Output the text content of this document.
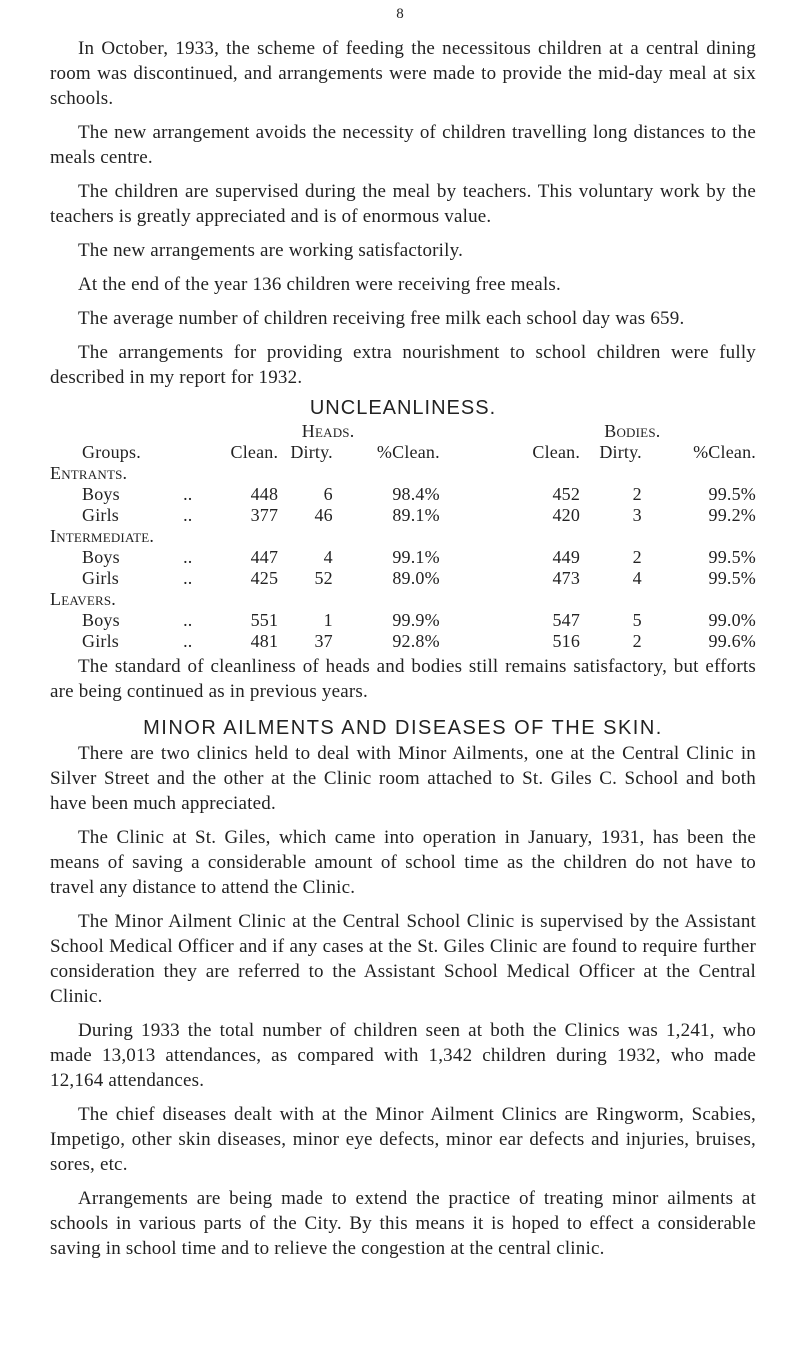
8

In October, 1933, the scheme of feeding the necessitous children at a central dining room was discontinued, and arrangements were made to provide the mid-day meal at six schools.

The new arrangement avoids the necessity of children travelling long distances to the meals centre.

The children are supervised during the meal by teachers. This voluntary work by the teachers is greatly appreciated and is of enormous value.

The new arrangements are working satisfactorily.

At the end of the year 136 children were receiving free meals.

The average number of children receiving free milk each school day was 659.

The arrangements for providing extra nourishment to school children were fully described in my report for 1932.

UNCLEANLINESS.
		Heads.				Bodies.		
Groups.		Clean.	Dirty.	%Clean.		Clean.	Dirty.	%Clean.
Entrants.								
Boys	..	448	6	98.4%		452	2	99.5%
Girls	..	377	46	89.1%		420	3	99.2%
Intermediate.								
Boys	..	447	4	99.1%		449	2	99.5%
Girls	..	425	52	89.0%		473	4	99.5%
Leavers.								
Boys	..	551	1	99.9%		547	5	99.0%
Girls	..	481	37	92.8%		516	2	99.6%

The standard of cleanliness of heads and bodies still remains satisfactory, but efforts are being continued as in previous years.

MINOR AILMENTS AND DISEASES OF THE SKIN.

There are two clinics held to deal with Minor Ailments, one at the Central Clinic in Silver Street and the other at the Clinic room attached to St. Giles C. School and both have been much appreciated.

The Clinic at St. Giles, which came into operation in January, 1931, has been the means of saving a considerable amount of school time as the children do not have to travel any distance to attend the Clinic.

The Minor Ailment Clinic at the Central School Clinic is supervised by the Assistant School Medical Officer and if any cases at the St. Giles Clinic are found to require further consideration they are referred to the Assistant School Medical Officer at the Central Clinic.

During 1933 the total number of children seen at both the Clinics was 1,241, who made 13,013 attendances, as compared with 1,342 children during 1932, who made 12,164 attendances.

The chief diseases dealt with at the Minor Ailment Clinics are Ringworm, Scabies, Impetigo, other skin diseases, minor eye defects, minor ear defects and injuries, bruises, sores, etc.

Arrangements are being made to extend the practice of treating minor ailments at schools in various parts of the City. By this means it is hoped to effect a considerable saving in school time and to relieve the congestion at the central clinic.
